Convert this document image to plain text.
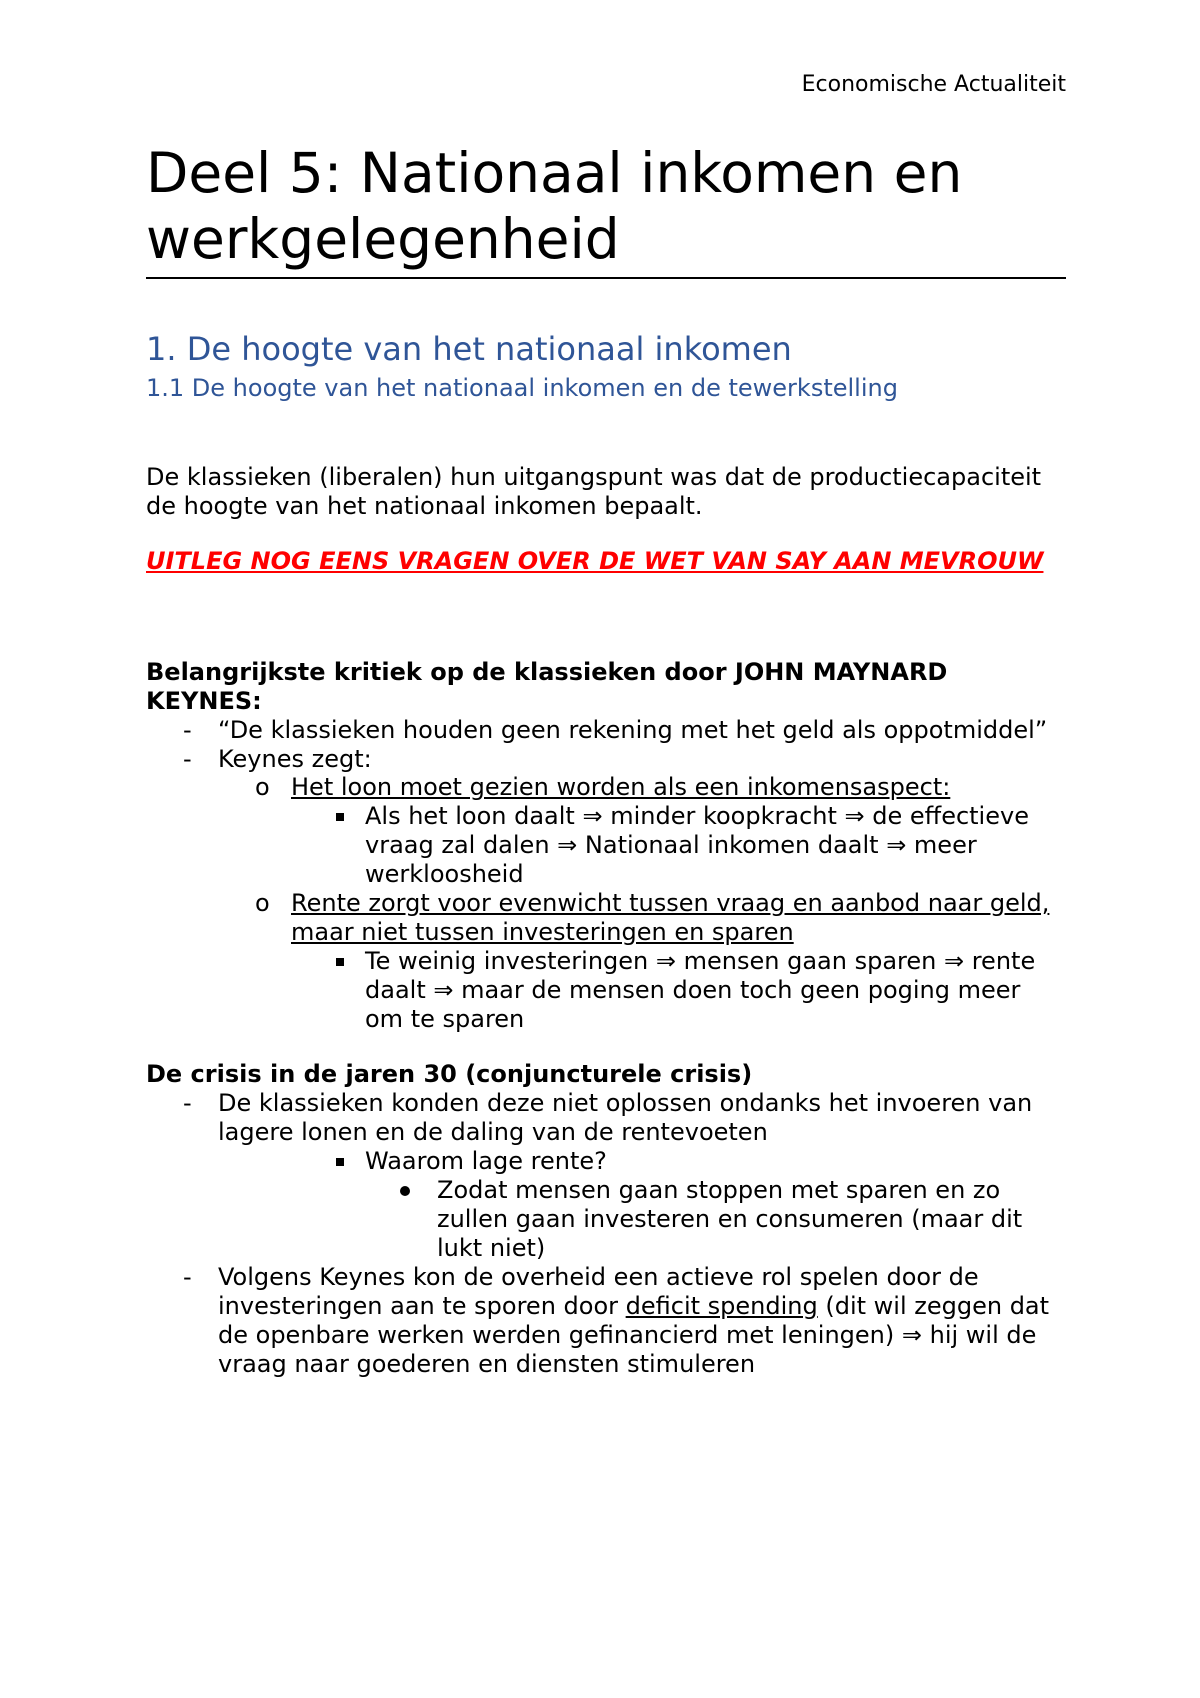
Economische Actualiteit
Deel 5: Nationaal inkomen en
werkgelegenheid
1. De hoogte van het nationaal inkomen
1.1 De hoogte van het nationaal inkomen en de tewerkstelling
De klassieken (liberalen) hun uitgangspunt was dat de productiecapaciteit
de hoogte van het nationaal inkomen bepaalt.
UITLEG NOG EENS VRAGEN OVER DE WET VAN SAY AAN MEVROUW
Belangrijkste kritiek op de klassieken door JOHN MAYNARD
KEYNES:
- “De klassieken houden geen rekening met het geld als oppotmiddel”
- Keynes zegt:
o Het loon moet gezien worden als een inkomensaspect:
Als het loon daalt ⇒ minder koopkracht ⇒ de effectieve
vraag zal dalen ⇒ Nationaal inkomen daalt ⇒ meer
werkloosheid
o Rente zorgt voor evenwicht tussen vraag en aanbod naar geld,
maar niet tussen investeringen en sparen
Te weinig investeringen ⇒ mensen gaan sparen ⇒ rente
daalt ⇒ maar de mensen doen toch geen poging meer
om te sparen
De crisis in de jaren 30 (conjuncturele crisis)
- De klassieken konden deze niet oplossen ondanks het invoeren van
lagere lonen en de daling van de rentevoeten
Waarom lage rente?
Zodat mensen gaan stoppen met sparen en zo
zullen gaan investeren en consumeren (maar dit
lukt niet)
- Volgens Keynes kon de overheid een actieve rol spelen door de
investeringen aan te sporen door deficit spending (dit wil zeggen dat
de openbare werken werden gefinancierd met leningen) ⇒ hij wil de
vraag naar goederen en diensten stimuleren
